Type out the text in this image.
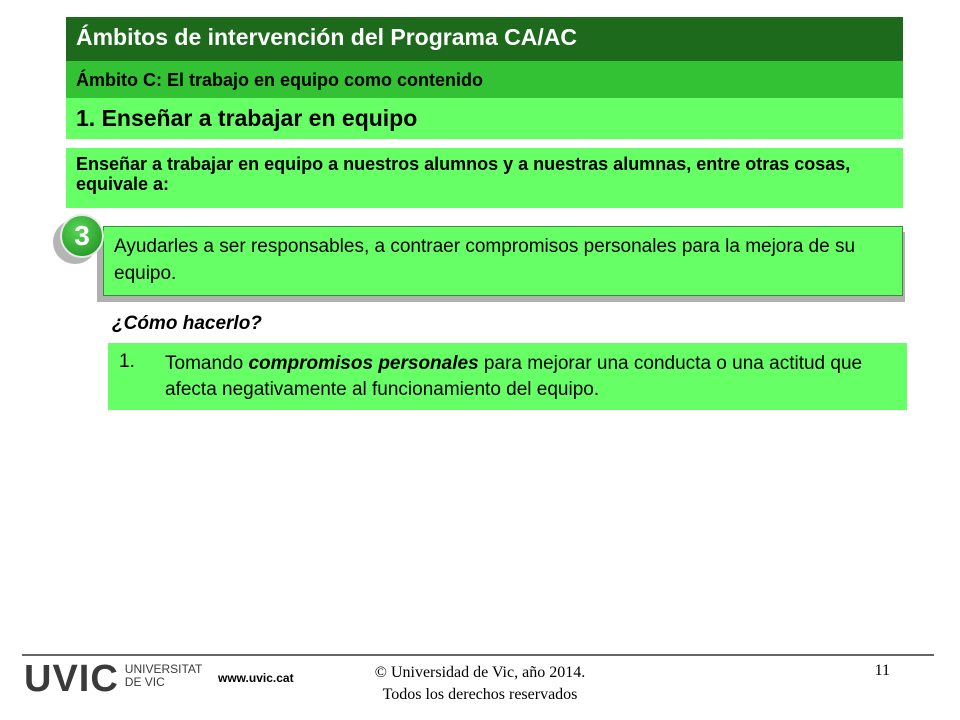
Ámbitos de intervención del Programa CA/AC
Ámbito C: El trabajo en equipo como contenido
1. Enseñar a trabajar en equipo
Enseñar a trabajar en equipo a nuestros alumnos y a nuestras alumnas, entre otras cosas, equivale a:
Ayudarles a ser responsables, a contraer compromisos personales para la mejora de su equipo.
3
¿Cómo hacerlo?
1. Tomando compromisos personales para mejorar una conducta o una actitud que afecta negativamente al funcionamiento del equipo.
UVIC UNIVERSITAT
DE VIC	www.uvic.cat	© Universidad de Vic, año 2014.
Todos los derechos reservados
11
